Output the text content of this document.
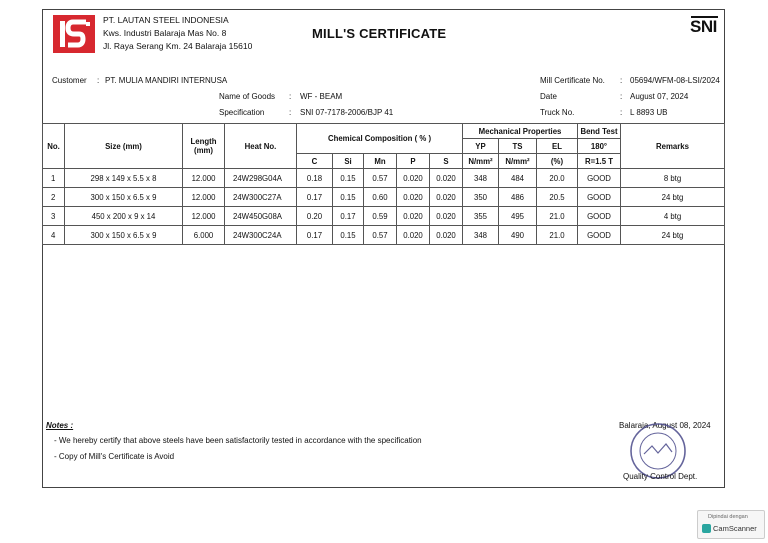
PT. LAUTAN STEEL INDONESIA
Kws. Industri Balaraja Mas No. 8
Jl. Raya Serang Km. 24 Balaraja 15610
MILL'S CERTIFICATE	SNI
Customer : PT. MULIA MANDIRI INTERNUSA
Name of Goods : WF - BEAM
Specification	: SNI 07-7178-2006/BJP 41
Mill Certificate No. : 05694/WFM-08-LSI/2024
Date	: August 07, 2024
Truck No.	: L 8893 UB
No.	Size (mm)	Length (mm)	Heat No.	Chemical Composition ( % )					Mechanical Properties			Bend Test	Remarks
									YP	TS	EL	180°	
				C	Si	Mn	P	S	N/mm²	N/mm²	(%)	R=1.5 T	
1	298 x 149 x 5.5 x 8	12.000	24W298G04A	0.18	0.15	0.57	0.020	0.020	348	484	20.0	GOOD	8 btg
2	300 x 150 x 6.5 x 9	12.000	24W300C27A	0.17	0.15	0.60	0.020	0.020	350	486	20.5	GOOD	24 btg
3	450 x 200 x 9 x 14	12.000	24W450G08A	0.20	0.17	0.59	0.020	0.020	355	495	21.0	GOOD	4 btg
4	300 x 150 x 6.5 x 9	6.000	24W300C24A	0.17	0.15	0.57	0.020	0.020	348	490	21.0	GOOD	24 btg
Notes :
- We hereby certify that above steels have been satisfactorily tested in accordance with the specification
- Copy of Mill's Certificate is Avoid
Balaraja, August 08, 2024
Quality Control Dept.
Dipindai dengan
CamScanner
